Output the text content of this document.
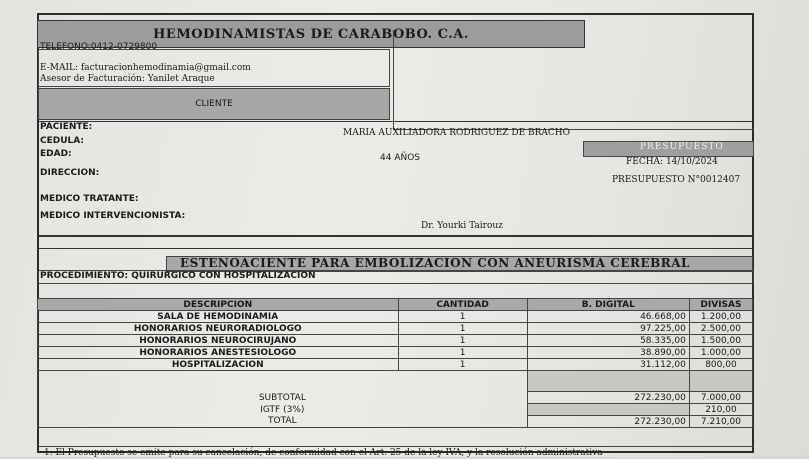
HEMODINAMISTAS DE CARABOBO. C.A.
TELEFONO:0412-0729800
E-MAIL: facturacionhemodinamia@gmail.com
Asesor de Facturación: Yanilet Araque
CLIENTE
PACIENTE:
MARIA AUXILIADORA RODRIGUEZ DE BRACHO
CEDULA:
EDAD:	44 AÑOS
DIRECCION:
MEDICO TRATANTE:
MEDICO INTERVENCIONISTA:
Dr. Yourki Tairouz
PRESUPUESTO
FECHA: 14/10/2024
PRESUPUESTO N°0012407
ESTENOACIENTE PARA EMBOLIZACION CON ANEURISMA CEREBRAL
PROCEDIMIENTO: QUIRURGICO CON HOSPITALIZACION
DESCRIPCION	CANTIDAD	B. DIGITAL	DIVISAS
SALA DE HEMODINAMIA	1	46.668,00	1.200,00
HONORARIOS NEURORADIOLOGO	1	97.225,00	2.500,00
HONORARIOS NEUROCIRUJANO	1	58.335,00	1.500,00
HONORARIOS ANESTESIOLOGO	1	38.890,00	1.000,00
HOSPITALIZACION	1	31.112,00	800,00

SUBTOTAL		272.230,00	7.000,00
IGTF (3%)			210,00
TOTAL		272.230,00	7.210,00
1. El Presupuesto se emite para su cancelación, de conformidad con el Art. 25 de la ley IVA, y la resolución administrativa
